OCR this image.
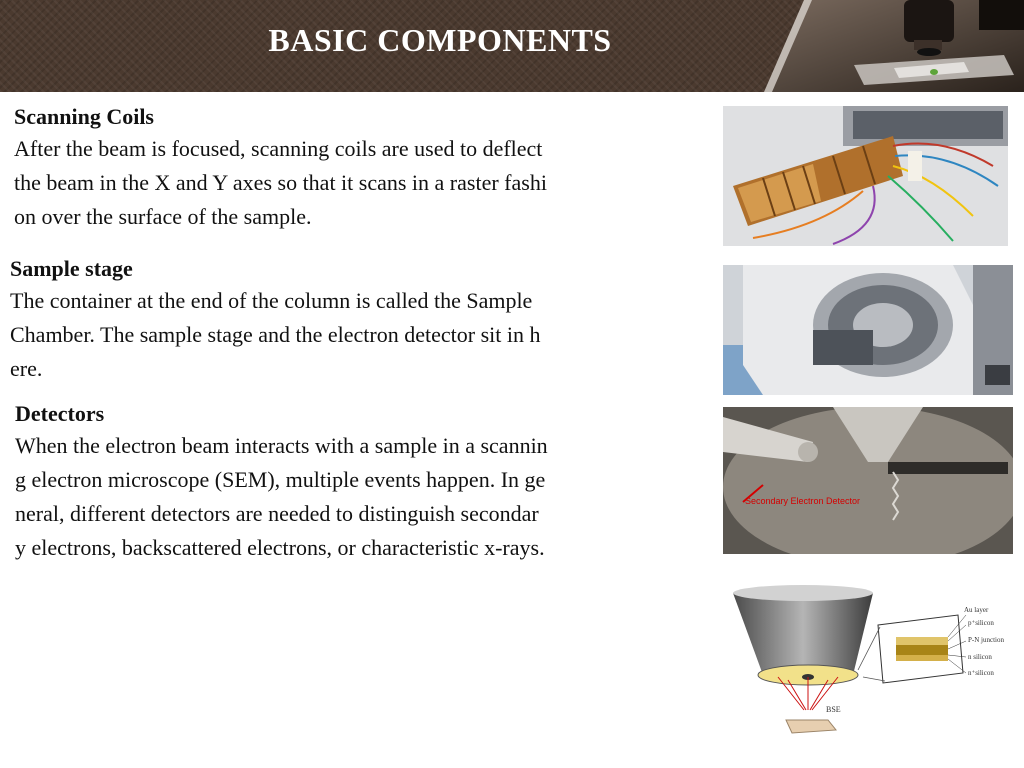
BASIC COMPONENTS
Scanning Coils

After the beam is focused, scanning coils are used to deflect

the beam in the X and Y axes so that it scans in a raster fashi

on over the surface of the sample.

Sample stage

The container at the end of the column is called the Sample

Chamber. The sample stage and the electron detector sit in h

ere.

Detectors

When the electron beam interacts with a sample in a scannin

g electron microscope (SEM), multiple events happen. In ge

neral, different detectors are needed to distinguish secondar

y electrons, backscattered electrons, or characteristic x-rays.

Secondary Electron Detector
BSE
Au layer
p⁺silicon
P-N junction
n silicon
n⁺silicon
